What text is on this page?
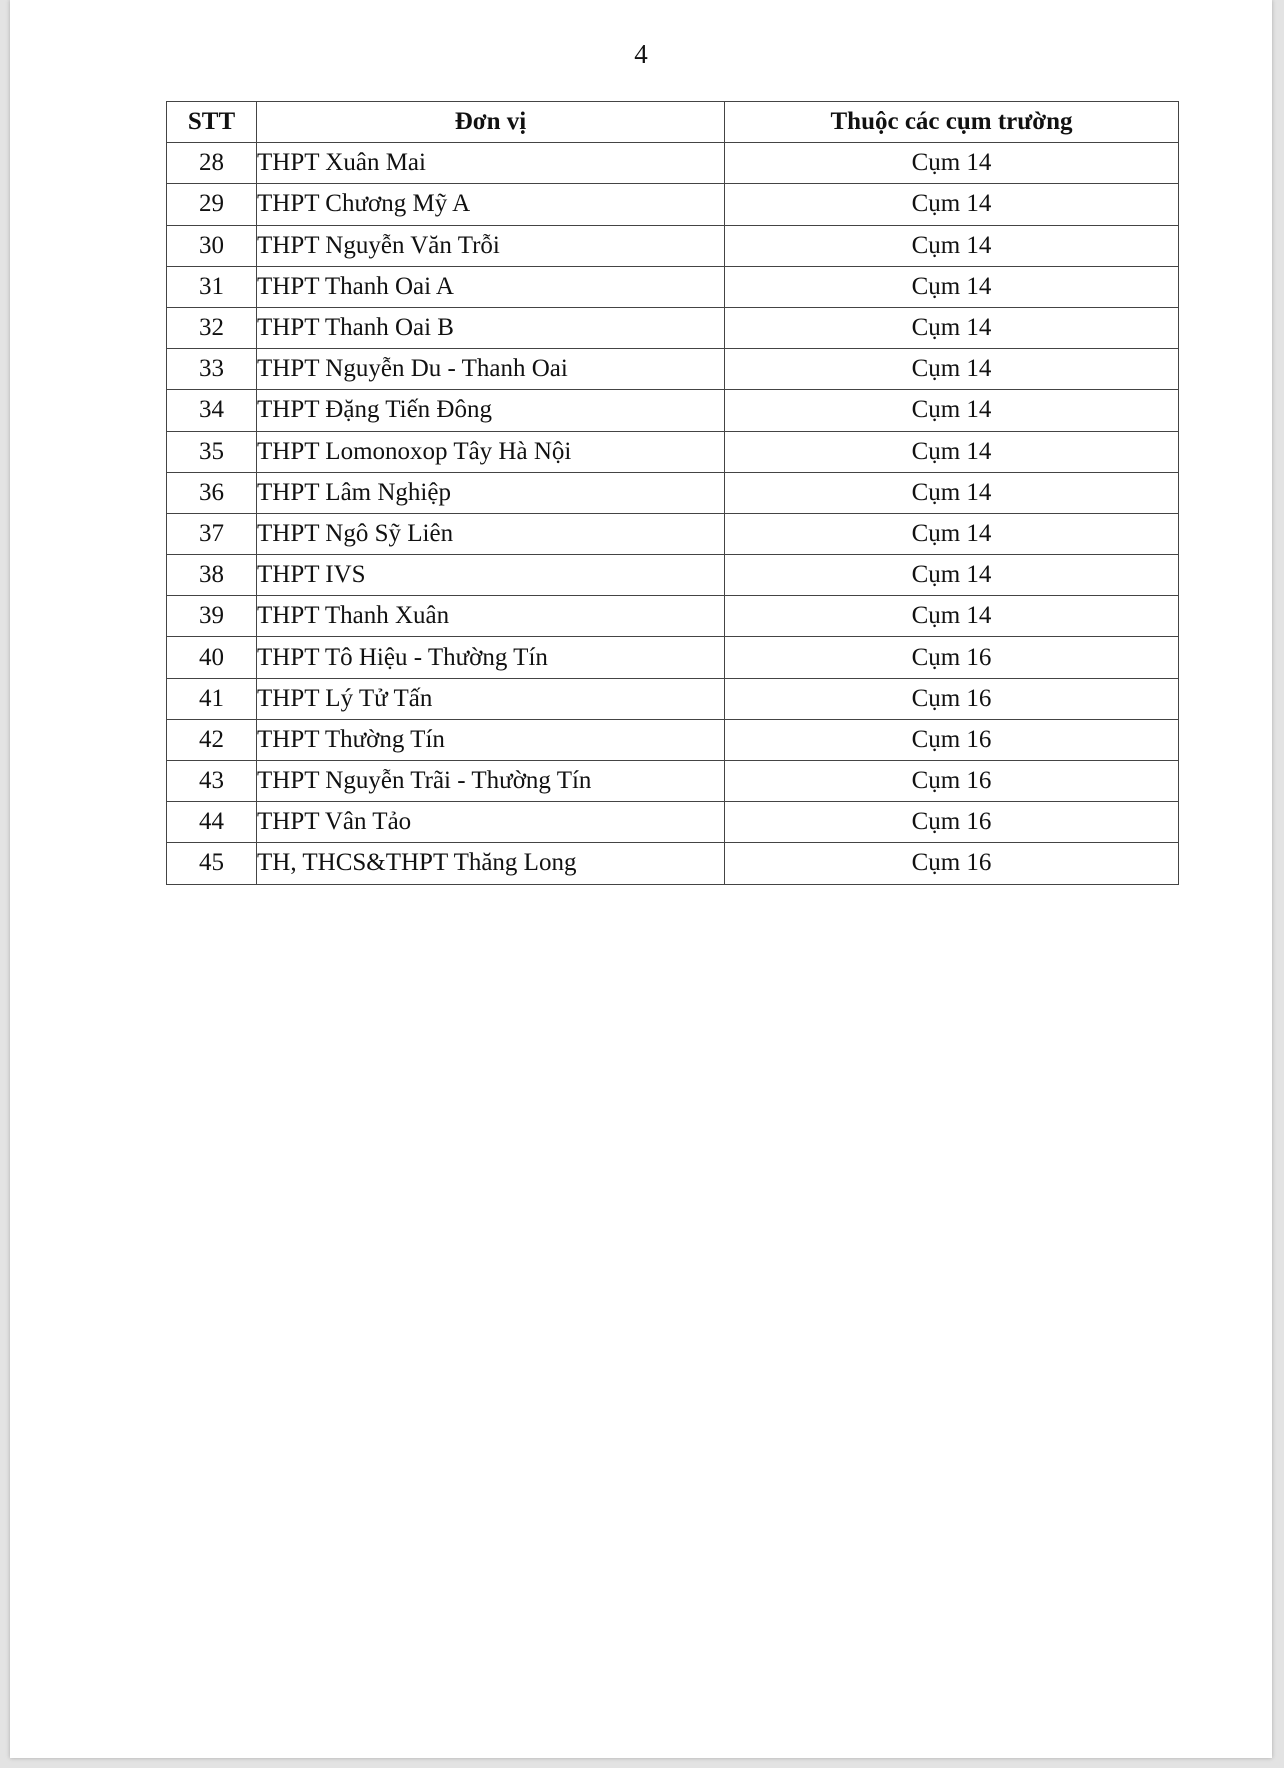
4
STT	Đơn vị	Thuộc các cụm trường
28	THPT Xuân Mai	Cụm 14
29	THPT Chương Mỹ A	Cụm 14
30	THPT Nguyễn Văn Trỗi	Cụm 14
31	THPT Thanh Oai A	Cụm 14
32	THPT Thanh Oai B	Cụm 14
33	THPT Nguyễn Du - Thanh Oai	Cụm 14
34	THPT Đặng Tiến Đông	Cụm 14
35	THPT Lomonoxop Tây Hà Nội	Cụm 14
36	THPT Lâm Nghiệp	Cụm 14
37	THPT Ngô Sỹ Liên	Cụm 14
38	THPT IVS	Cụm 14
39	THPT Thanh Xuân	Cụm 14
40	THPT Tô Hiệu - Thường Tín	Cụm 16
41	THPT Lý Tử Tấn	Cụm 16
42	THPT Thường Tín	Cụm 16
43	THPT Nguyễn Trãi - Thường Tín	Cụm 16
44	THPT Vân Tảo	Cụm 16
45	TH, THCS&THPT Thăng Long	Cụm 16
